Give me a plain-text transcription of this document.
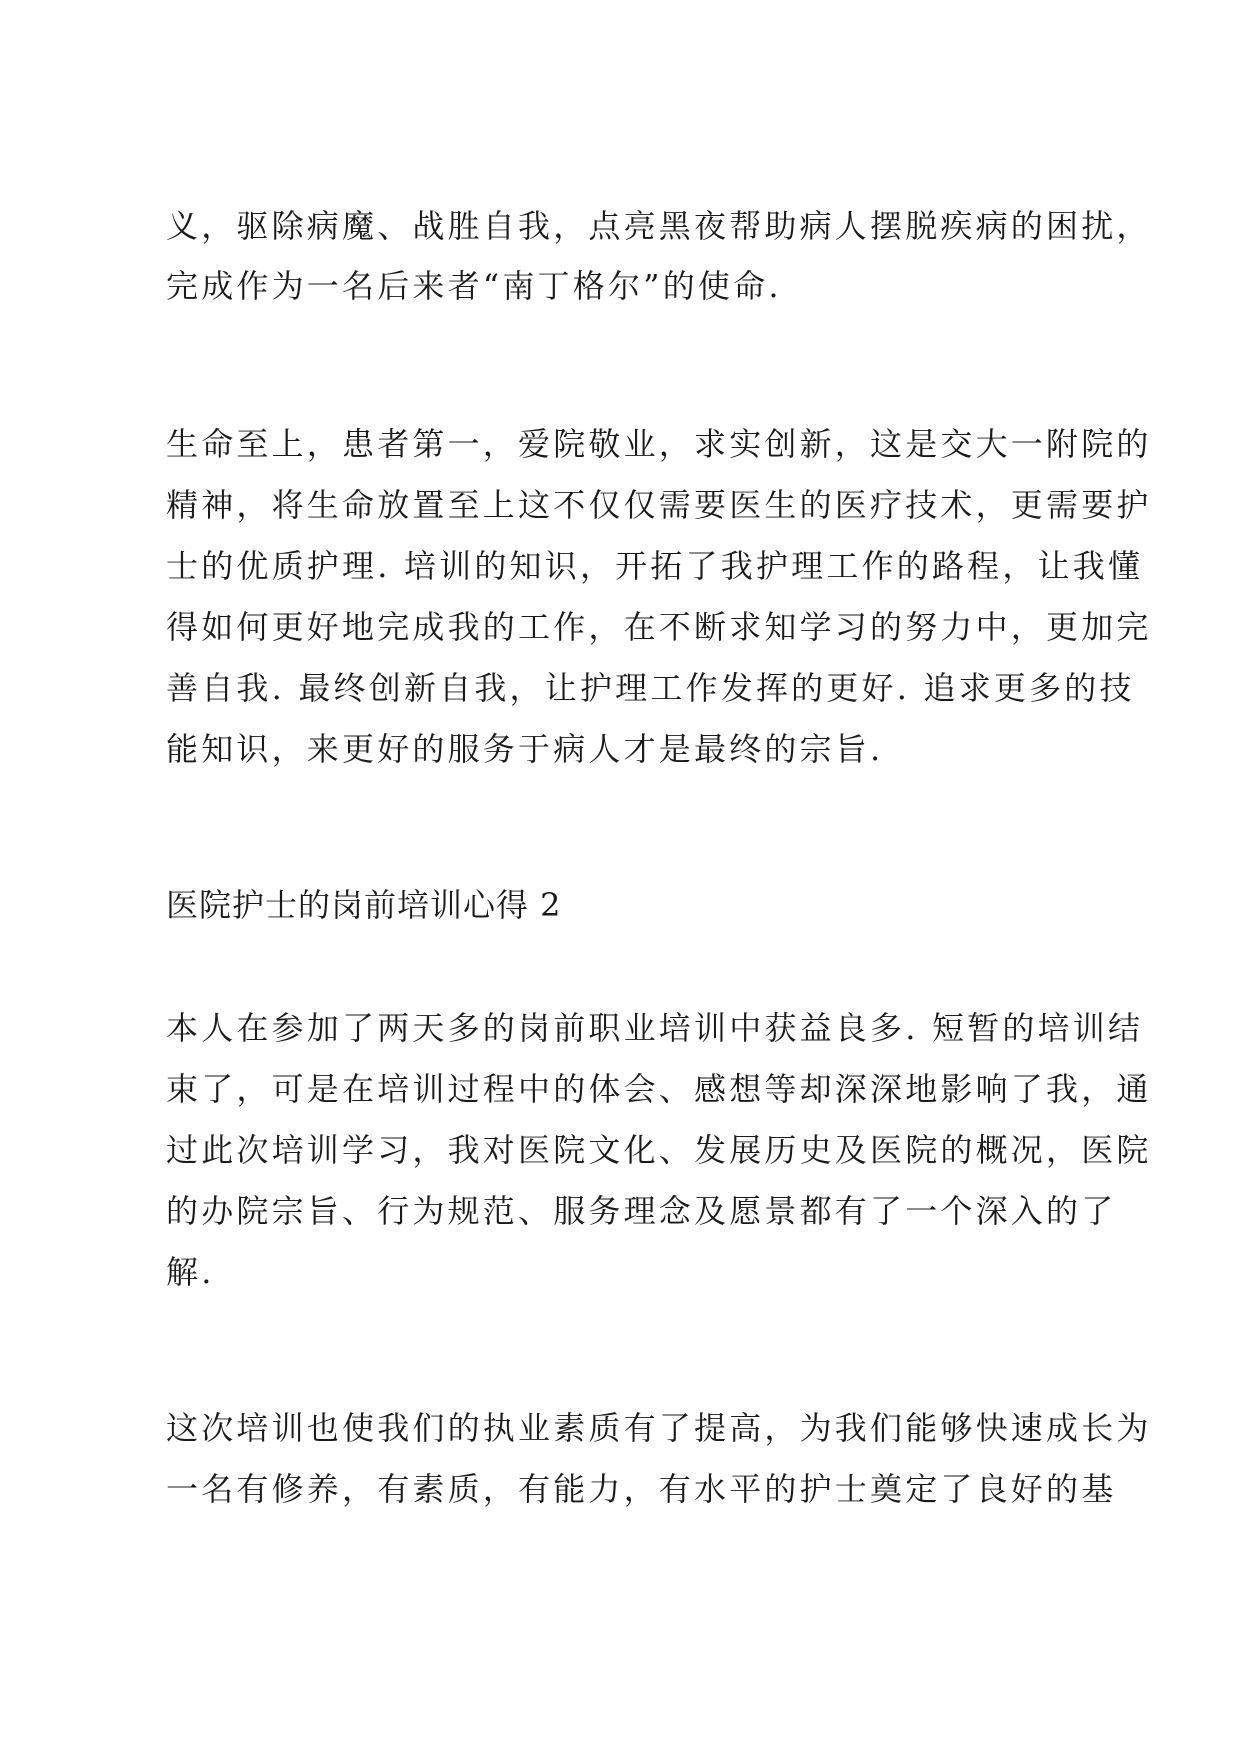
义，驱除病魔、战胜自我，点亮黑夜帮助病人摆脱疾病的困扰，

完成作为一名后来者“南丁格尔”的使命.

生命至上，患者第一，爱院敬业，求实创新，这是交大一附院的

精神，将生命放置至上这不仅仅需要医生的医疗技术，更需要护

士的优质护理. 培训的知识，开拓了我护理工作的路程，让我懂

得如何更好地完成我的工作，在不断求知学习的努力中，更加完

善自我. 最终创新自我，让护理工作发挥的更好. 追求更多的技

能知识，来更好的服务于病人才是最终的宗旨.

医院护士的岗前培训心得 2

本人在参加了两天多的岗前职业培训中获益良多. 短暂的培训结

束了，可是在培训过程中的体会、感想等却深深地影响了我，通

过此次培训学习，我对医院文化、发展历史及医院的概况，医院

的办院宗旨、行为规范、服务理念及愿景都有了一个深入的了

解.

这次培训也使我们的执业素质有了提高，为我们能够快速成长为

一名有修养，有素质，有能力，有水平的护士奠定了良好的基
